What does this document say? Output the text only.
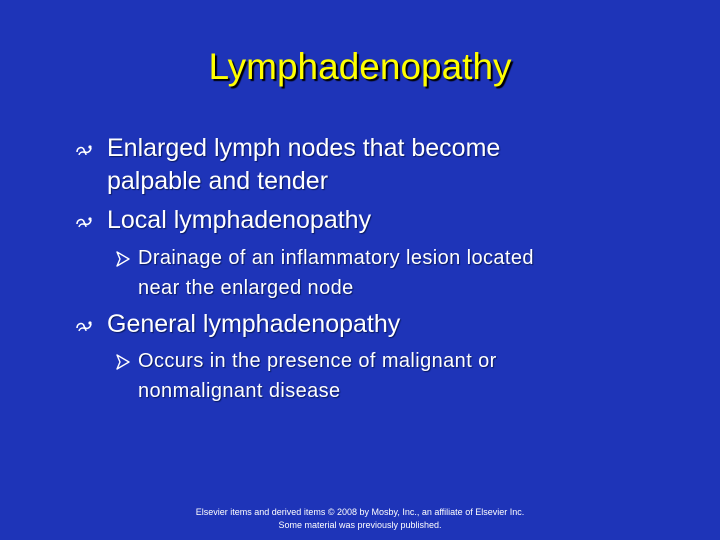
Lymphadenopathy
Enlarged lymph nodes that become
palpable and tender
Local lymphadenopathy
Drainage of an inflammatory lesion located
near the enlarged node
General lymphadenopathy
Occurs in the presence of malignant or
nonmalignant disease
Elsevier items and derived items © 2008 by Mosby, Inc., an affiliate of Elsevier Inc.
Some material was previously published.
